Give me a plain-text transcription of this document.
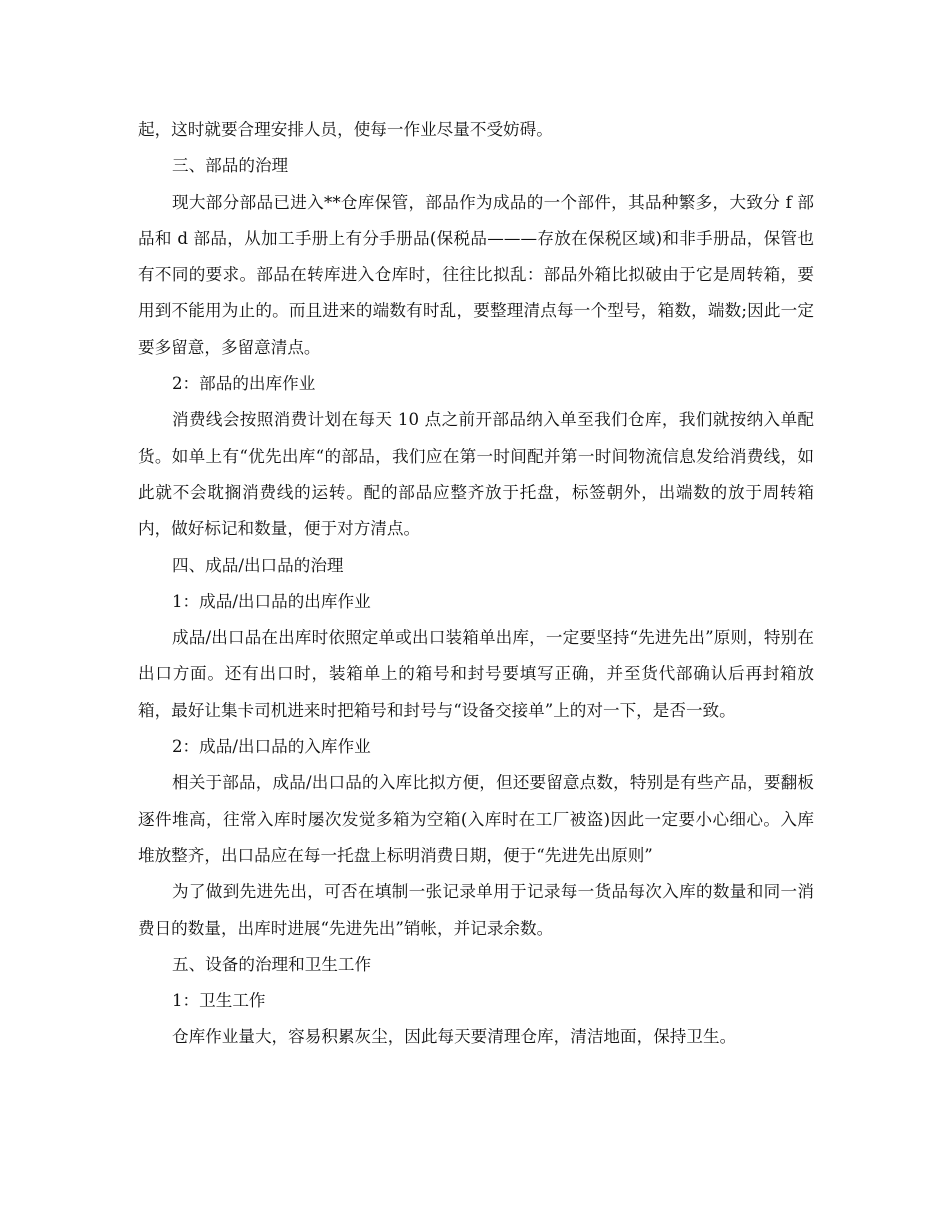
起，这时就要合理安排人员，使每一作业尽量不受妨碍。

三、部品的治理

现大部分部品已进入**仓库保管，部品作为成品的一个部件，其品种繁多，大致分 f 部品和 d 部品，从加工手册上有分手册品(保税品———存放在保税区域)和非手册品，保管也有不同的要求。部品在转库进入仓库时，往往比拟乱：部品外箱比拟破由于它是周转箱，要用到不能用为止的。而且进来的端数有时乱，要整理清点每一个型号，箱数，端数;因此一定要多留意，多留意清点。

2：部品的出库作业

消费线会按照消费计划在每天 10 点之前开部品纳入单至我们仓库，我们就按纳入单配货。如单上有“优先出库“的部品，我们应在第一时间配并第一时间物流信息发给消费线，如此就不会耽搁消费线的运转。配的部品应整齐放于托盘，标签朝外，出端数的放于周转箱内，做好标记和数量，便于对方清点。

四、成品/出口品的治理

1：成品/出口品的出库作业

成品/出口品在出库时依照定单或出口装箱单出库，一定要坚持“先进先出”原则，特别在出口方面。还有出口时，装箱单上的箱号和封号要填写正确，并至货代部确认后再封箱放箱，最好让集卡司机进来时把箱号和封号与“设备交接单”上的对一下，是否一致。

2：成品/出口品的入库作业

相关于部品，成品/出口品的入库比拟方便，但还要留意点数，特别是有些产品，要翻板逐件堆高，往常入库时屡次发觉多箱为空箱(入库时在工厂被盗)因此一定要小心细心。入库堆放整齐，出口品应在每一托盘上标明消费日期，便于“先进先出原则”

为了做到先进先出，可否在填制一张记录单用于记录每一货品每次入库的数量和同一消费日的数量，出库时进展“先进先出”销帐，并记录余数。

五、设备的治理和卫生工作

1：卫生工作

仓库作业量大，容易积累灰尘，因此每天要清理仓库，清洁地面，保持卫生。
